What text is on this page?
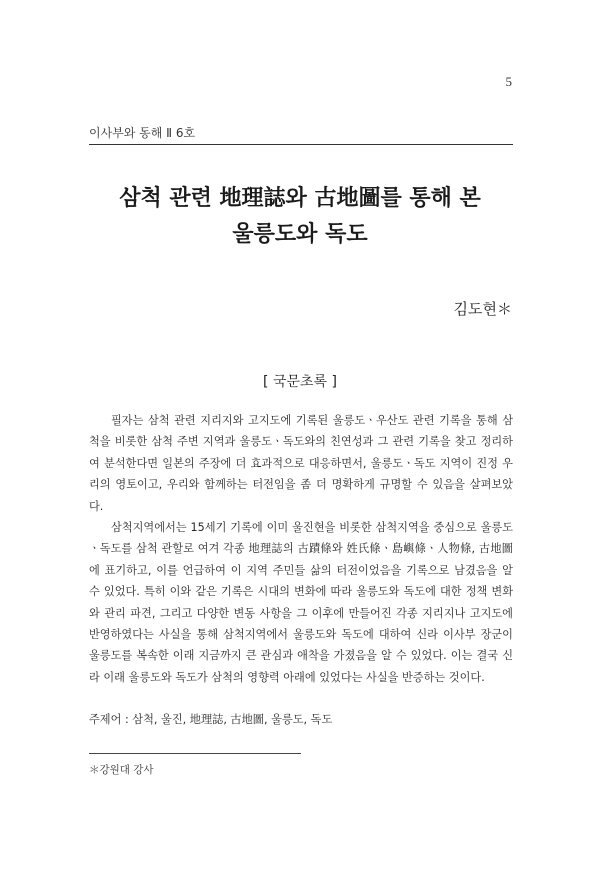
5
이사부와 동해 Ⅱ 6호
삼척 관련 地理誌와 古地圖를 통해 본
울릉도와 독도
김도현＊
[ 국문초록 ]

필자는 삼척 관련 지리지와 고지도에 기록된 울릉도ㆍ우산도 관련 기록을 통해 삼척을 비롯한 삼척 주변 지역과 울릉도ㆍ독도와의 친연성과 그 관련 기록을 찾고 정리하여 분석한다면 일본의 주장에 더 효과적으로 대응하면서, 울릉도ㆍ독도 지역이 진정 우리의 영토이고, 우리와 함께하는 터전임을 좀 더 명확하게 규명할 수 있음을 살펴보았다.

삼척지역에서는 15세기 기록에 이미 울진현을 비롯한 삼척지역을 중심으로 울릉도ㆍ독도를 삼척 관할로 여겨 각종 地理誌의 古蹟條와 姓氏條ㆍ島嶼條ㆍ人物條, 古地圖에 표기하고, 이를 언급하여 이 지역 주민들 삶의 터전이었음을 기록으로 남겼음을 알 수 있었다. 특히 이와 같은 기록은 시대의 변화에 따라 울릉도와 독도에 대한 정책 변화와 관리 파견, 그리고 다양한 변동 사항을 그 이후에 만들어진 각종 지리지나 고지도에 반영하였다는 사실을 통해 삼척지역에서 울릉도와 독도에 대하여 신라 이사부 장군이 울릉도를 복속한 이래 지금까지 큰 관심과 애착을 가졌음을 알 수 있었다. 이는 결국 신라 이래 울릉도와 독도가 삼척의 영향력 아래에 있었다는 사실을 반증하는 것이다.

주제어 : 삼척, 울진, 地理誌, 古地圖, 울릉도, 독도
＊강원대 강사
